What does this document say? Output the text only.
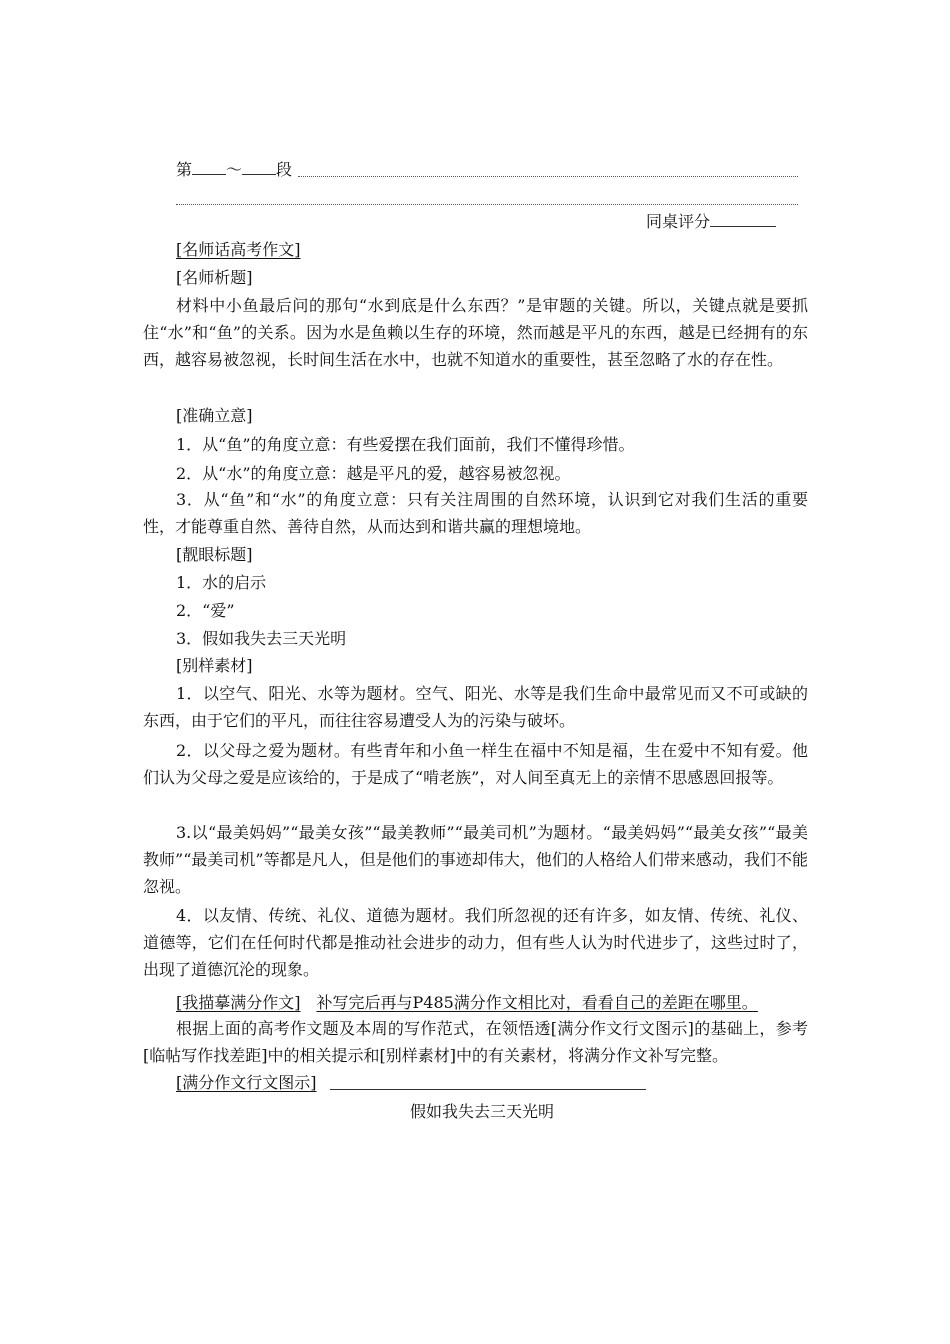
第 ～ 段
同桌评分
[名师话高考作文]
[名师析题]
材料中小鱼最后问的那句“水到底是什么东西？”是审题的关键。所以，关键点就是要抓住“水”和“鱼”的关系。因为水是鱼赖以生存的环境，然而越是平凡的东西，越是已经拥有的东西，越容易被忽视，长时间生活在水中，也就不知道水的重要性，甚至忽略了水的存在性。
[准确立意]
1．从“鱼”的角度立意：有些爱摆在我们面前，我们不懂得珍惜。
2．从“水”的角度立意：越是平凡的爱，越容易被忽视。
3．从“鱼”和“水”的角度立意：只有关注周围的自然环境，认识到它对我们生活的重要性，才能尊重自然、善待自然，从而达到和谐共赢的理想境地。
[靓眼标题]
1．水的启示
2．“爱”
3．假如我失去三天光明
[别样素材]
1．以空气、阳光、水等为题材。空气、阳光、水等是我们生命中最常见而又不可或缺的东西，由于它们的平凡，而往往容易遭受人为的污染与破坏。
2．以父母之爱为题材。有些青年和小鱼一样生在福中不知是福，生在爱中不知有爱。他们认为父母之爱是应该给的，于是成了“啃老族”，对人间至真无上的亲情不思感恩回报等。
3.以“最美妈妈”“最美女孩”“最美教师”“最美司机”为题材。“最美妈妈”“最美女孩”“最美教师”“最美司机”等都是凡人，但是他们的事迹却伟大，他们的人格给人们带来感动，我们不能忽视。
4．以友情、传统、礼仪、道德为题材。我们所忽视的还有许多，如友情、传统、礼仪、道德等，它们在任何时代都是推动社会进步的动力，但有些人认为时代进步了，这些过时了，出现了道德沉沦的现象。
[我描摹满分作文] 补写完后再与P485满分作文相比对，看看自己的差距在哪里。
根据上面的高考作文题及本周的写作范式，在领悟透[满分作文行文图示]的基础上，参考[临帖写作找差距]中的相关提示和[别样素材]中的有关素材，将满分作文补写完整。
[满分作文行文图示]
假如我失去三天光明
